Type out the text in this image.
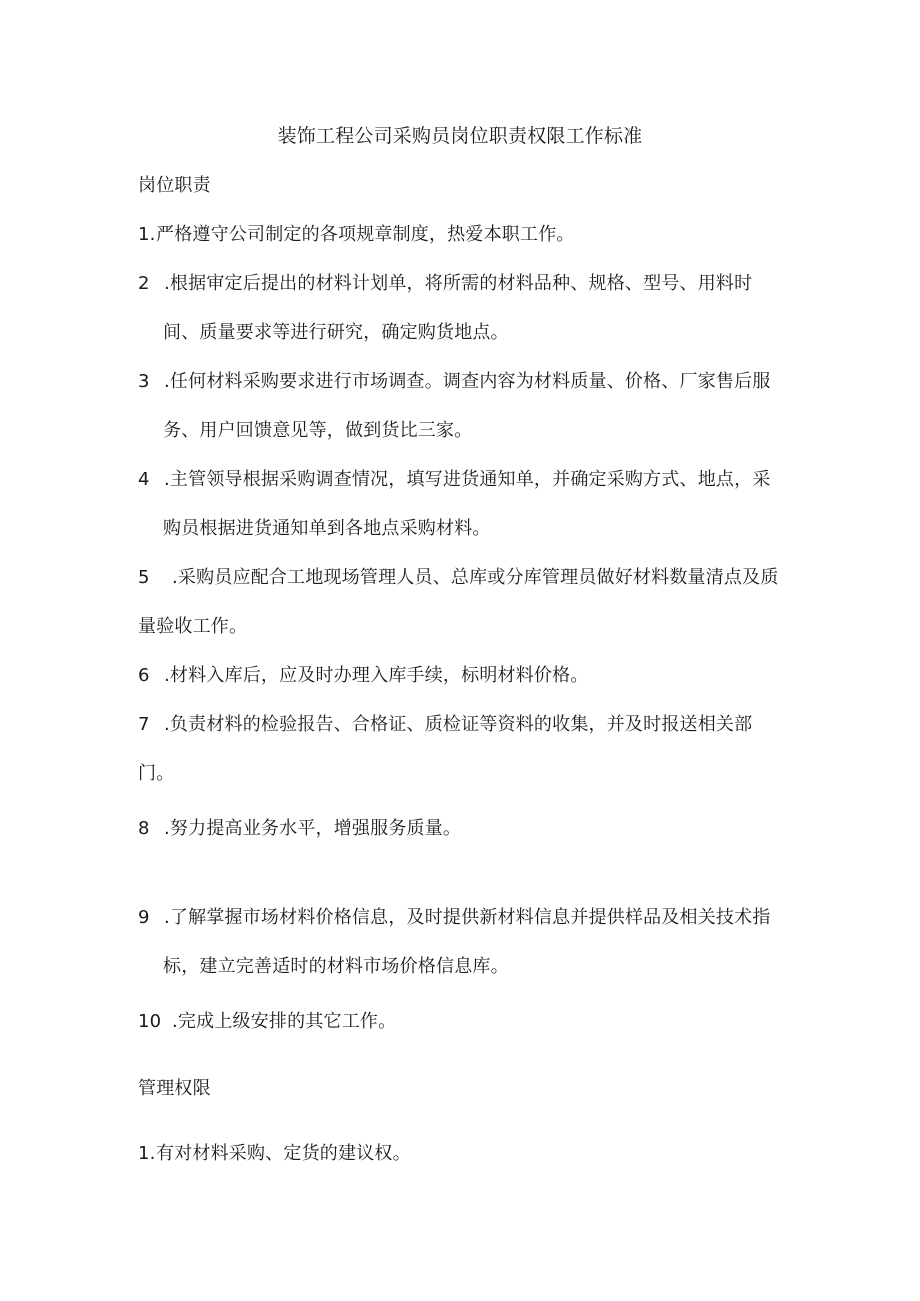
装饰工程公司采购员岗位职责权限工作标准
岗位职责
1.严格遵守公司制定的各项规章制度，热爱本职工作。
2 .根据审定后提出的材料计划单，将所需的材料品种、规格、型号、用料时
间、质量要求等进行研究，确定购货地点。
3 .任何材料采购要求进行市场调查。调查内容为材料质量、价格、厂家售后服
务、用户回馈意见等，做到货比三家。
4 .主管领导根据采购调查情况，填写进货通知单，并确定采购方式、地点，采
购员根据进货通知单到各地点采购材料。
5 .采购员应配合工地现场管理人员、总库或分库管理员做好材料数量清点及质
量验收工作。
6 .材料入库后，应及时办理入库手续，标明材料价格。
7 .负责材料的检验报告、合格证、质检证等资料的收集，并及时报送相关部
门。
8 .努力提高业务水平，增强服务质量。
9 .了解掌握市场材料价格信息，及时提供新材料信息并提供样品及相关技术指
标，建立完善适时的材料市场价格信息库。
10 .完成上级安排的其它工作。
管理权限
1.有对材料采购、定货的建议权。
